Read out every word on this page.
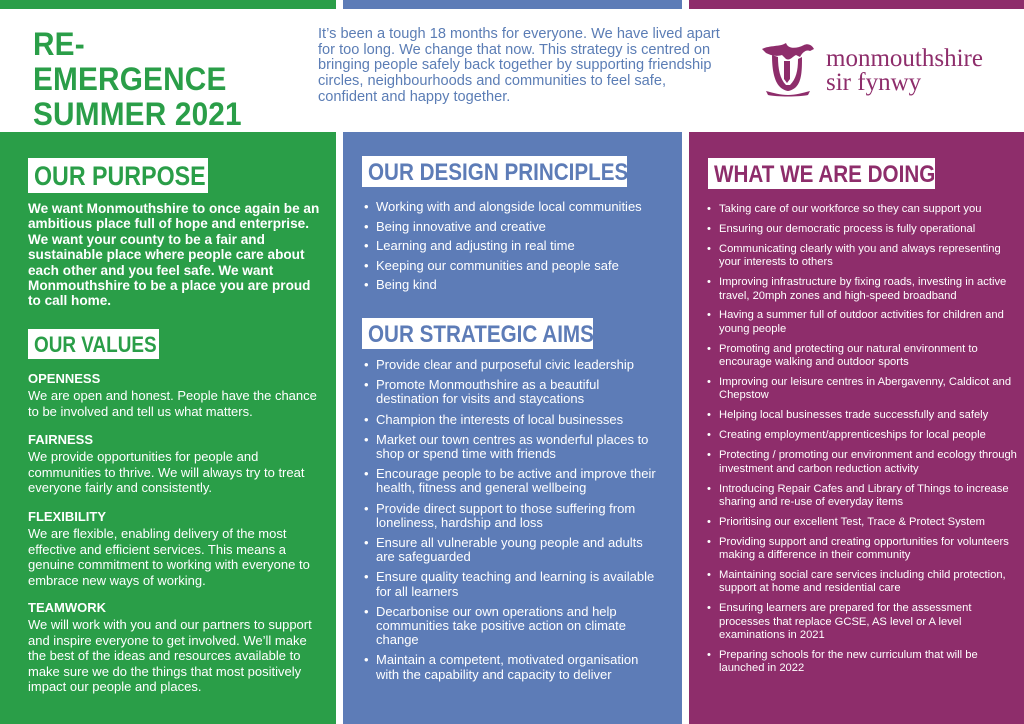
RE-EMERGENCE
SUMMER 2021
It’s been a tough 18 months for everyone. We have lived apart for too long. We change that now. This strategy is centred on bringing people safely back together by supporting friendship circles, neighbourhoods and communities to feel safe, confident and happy together.
monmouthshire
sir fynwy
OUR PURPOSE
We want Monmouthshire to once again be an ambitious place full of hope and enterprise. We want your county to be a fair and sustainable place where people care about each other and you feel safe. We want Monmouthshire to be a place you are proud to call home.
OUR VALUES
OPENNESS
We are open and honest. People have the chance to be involved and tell us what matters.
FAIRNESS
We provide opportunities for people and communities to thrive. We will always try to treat everyone fairly and consistently.
FLEXIBILITY
We are flexible, enabling delivery of the most effective and efficient services. This means a genuine commitment to working with everyone to embrace new ways of working.
TEAMWORK
We will work with you and our partners to support and inspire everyone to get involved. We’ll make the best of the ideas and resources available to make sure we do the things that most positively impact our people and places.
OUR DESIGN PRINCIPLES
• Working with and alongside local communities
• Being innovative and creative
• Learning and adjusting in real time
• Keeping our communities and people safe
• Being kind
OUR STRATEGIC AIMS
• Provide clear and purposeful civic leadership
• Promote Monmouthshire as a beautiful destination for visits and staycations
• Champion the interests of local businesses
• Market our town centres as wonderful places to shop or spend time with friends
• Encourage people to be active and improve their health, fitness and general wellbeing
• Provide direct support to those suffering from loneliness, hardship and loss
• Ensure all vulnerable young people and adults are safeguarded
• Ensure quality teaching and learning is available for all learners
• Decarbonise our own operations and help communities take positive action on climate change
• Maintain a competent, motivated organisation with the capability and capacity to deliver
WHAT WE ARE DOING
• Taking care of our workforce so they can support you
• Ensuring our democratic process is fully operational
• Communicating clearly with you and always representing your interests to others
• Improving infrastructure by fixing roads, investing in active travel, 20mph zones and high-speed broadband
• Having a summer full of outdoor activities for children and young people
• Promoting and protecting our natural environment to encourage walking and outdoor sports
• Improving our leisure centres in Abergavenny, Caldicot and Chepstow
• Helping local businesses trade successfully and safely
• Creating employment/apprenticeships for local people
• Protecting / promoting our environment and ecology through investment and carbon reduction activity
• Introducing Repair Cafes and Library of Things to increase sharing and re-use of everyday items
• Prioritising our excellent Test, Trace & Protect System
• Providing support and creating opportunities for volunteers making a difference in their community
• Maintaining social care services including child protection, support at home and residential care
• Ensuring learners are prepared for the assessment processes that replace GCSE, AS level or A level examinations in 2021
• Preparing schools for the new curriculum that will be launched in 2022
